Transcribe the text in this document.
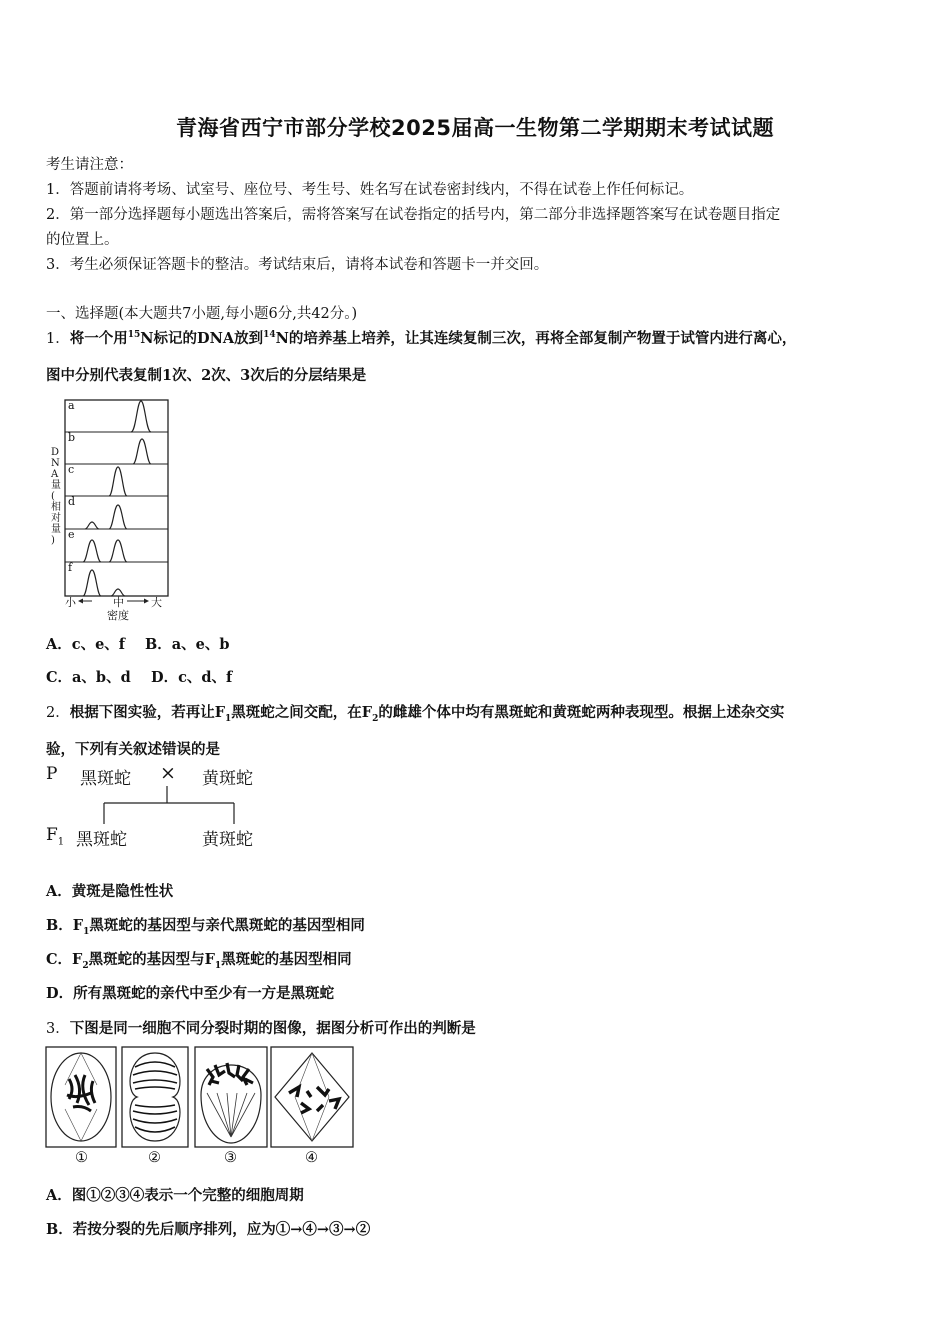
青海省西宁市部分学校2025届高一生物第二学期期末考试试题
考生请注意：
1．答题前请将考场、试室号、座位号、考生号、姓名写在试卷密封线内，不得在试卷上作任何标记。
2．第一部分选择题每小题选出答案后，需将答案写在试卷指定的括号内，第二部分非选择题答案写在试卷题目指定
的位置上。
3．考生必须保证答题卡的整洁。考试结束后，请将本试卷和答题卡一并交回。
一、选择题(本大题共7小题,每小题6分,共42分。)
1．将一个用$^{15}$N标记的DNA放到$^{14}$N的培养基上培养，让其连续复制三次，再将全部复制产物置于试管内进行离心，
图中分别代表复制1次、2次、3次后的分层结果是
a
b
c
d
e
f
D
N
A
量
(
相
对
量
)
小	中 大
密度
A．c、e、f B．a、e、b
C．a、b、d D．c、d、f
2．根据下图实验，若再让$F_1$黑斑蛇之间交配，在$F_2$的雌雄个体中均有黑斑蛇和黄斑蛇两种表现型。根据上述杂交实
验，下列有关叙述错误的是
P 黑斑蛇 × 黄斑蛇
$F_1$ 黑斑蛇	黄斑蛇
A．黄斑是隐性性状
B．$F_1$黑斑蛇的基因型与亲代黑斑蛇的基因型相同
C．$F_2$黑斑蛇的基因型与$F_1$黑斑蛇的基因型相同
D．所有黑斑蛇的亲代中至少有一方是黑斑蛇
3．下图是同一细胞不同分裂时期的图像，据图分析可作出的判断是
①	②	③	④
A．图①②③④表示一个完整的细胞周期
B．若按分裂的先后顺序排列，应为①→④→③→②
